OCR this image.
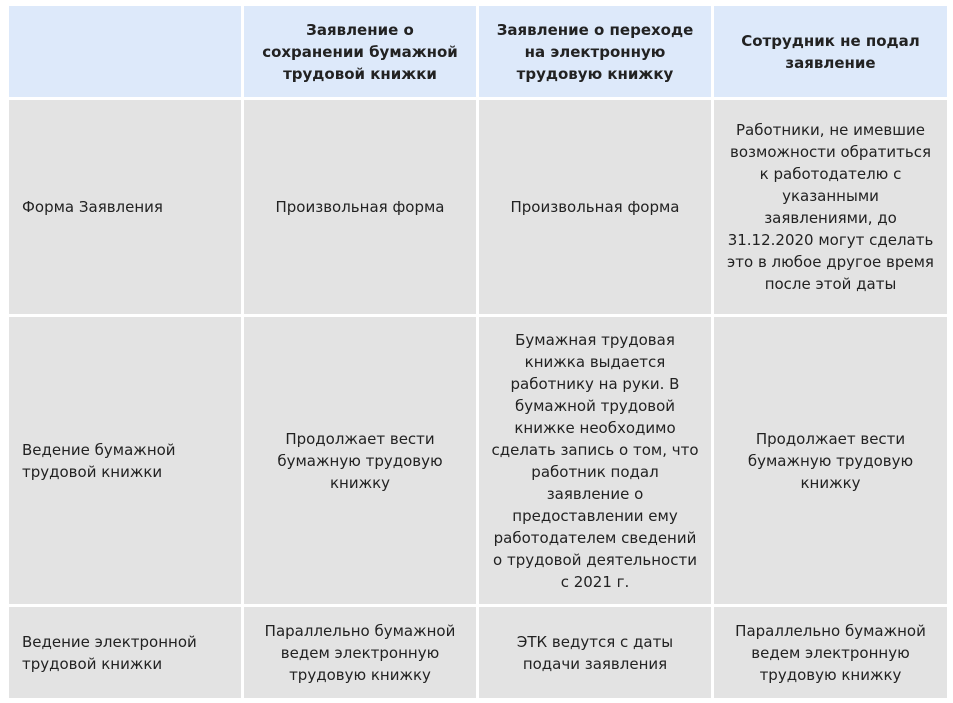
Заявление о сохранении бумажной трудовой книжки
Заявление о переходе на электронную трудовую книжку
Сотрудник не подал заявление
Форма Заявления	Произвольная форма	Произвольная форма
Работники, не имевшие возможности обратиться к работодателю с указанными заявлениями, до 31.12.2020 могут сделать это в любое другое время после этой даты
Ведение бумажной трудовой книжки
Продолжает вести бумажную трудовую книжку
Бумажная трудовая книжка выдается работнику на руки. В бумажной трудовой книжке необходимо сделать запись о том, что работник подал заявление о предоставлении ему работодателем сведений о трудовой деятельности с 2021 г.
Продолжает вести бумажную трудовую книжку
Ведение электронной трудовой книжки
Параллельно бумажной ведем электронную трудовую книжку
ЭТК ведутся с даты подачи заявления
Параллельно бумажной ведем электронную трудовую книжку
